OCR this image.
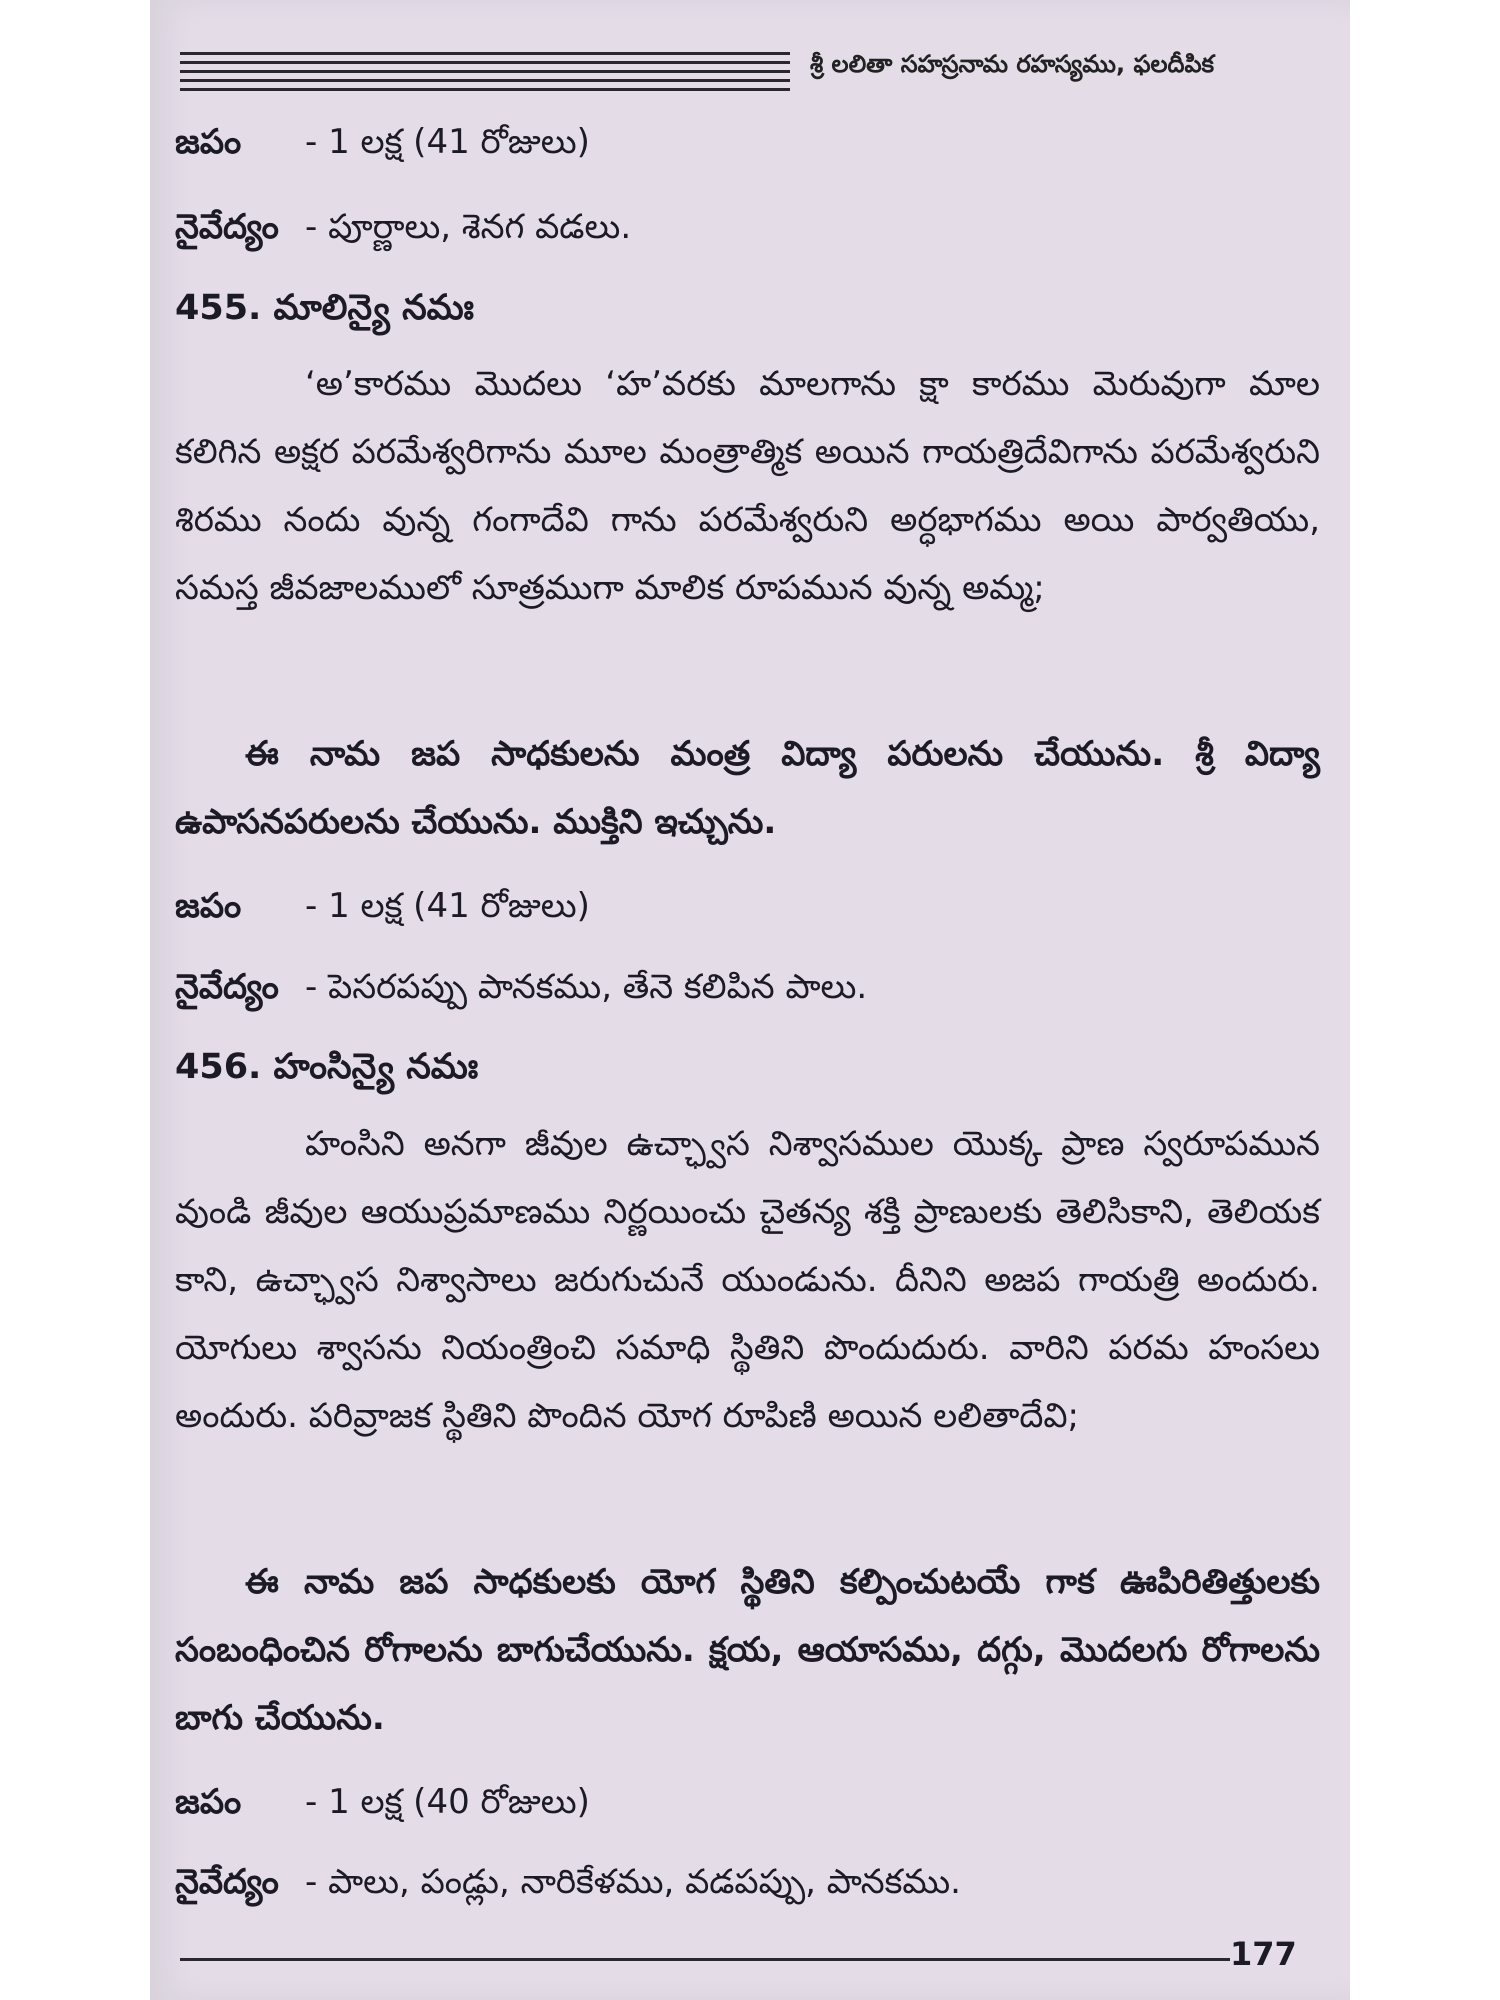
శ్రీ లలితా సహస్రనామ రహస్యము, ఫలదీపిక
జపం - 1 లక్ష (41 రోజులు)
నైవేద్యం - పూర్ణాలు, శెనగ వడలు.
455. మాలిన్యై నమః

‘అ’కారము మొదలు ‘హ’వరకు మాలగాను క్షా కారము మెరువుగా మాల కలిగిన అక్షర పరమేశ్వరిగాను మూల మంత్రాత్మిక అయిన గాయత్రిదేవిగాను పరమేశ్వరుని శిరము నందు వున్న గంగాదేవి గాను పరమేశ్వరుని అర్ధభాగము అయి పార్వతియు, సమస్త జీవజాలములో సూత్రముగా మాలిక రూపమున వున్న అమ్మ;

ఈ నామ జప సాధకులను మంత్ర విద్యా పరులను చేయును. శ్రీ విద్యా ఉపాసనపరులను చేయును. ముక్తిని ఇచ్చును.

జపం - 1 లక్ష (41 రోజులు)
నైవేద్యం - పెసరపప్పు పానకము, తేనె కలిపిన పాలు.
456. హంసిన్యై నమః

హంసిని అనగా జీవుల ఉచ్ఛ్వాస నిశ్వాసముల యొక్క ప్రాణ స్వరూపమున వుండి జీవుల ఆయుప్రమాణము నిర్ణయించు చైతన్య శక్తి ప్రాణులకు తెలిసికాని, తెలియక కాని, ఉచ్ఛ్వాస నిశ్వాసాలు జరుగుచునే యుండును. దీనిని అజప గాయత్రి అందురు. యోగులు శ్వాసను నియంత్రించి సమాధి స్థితిని పొందుదురు. వారిని పరమ హంసలు అందురు. పరివ్రాజక స్థితిని పొందిన యోగ రూపిణి అయిన లలితాదేవి;

ఈ నామ జప సాధకులకు యోగ స్థితిని కల్పించుటయే గాక ఊపిరితిత్తులకు సంబంధించిన రోగాలను బాగుచేయును. క్షయ, ఆయాసము, దగ్గు, మొదలగు రోగాలను బాగు చేయును.

జపం - 1 లక్ష (40 రోజులు)
నైవేద్యం - పాలు, పండ్లు, నారికేళము, వడపప్పు, పానకము.
177
